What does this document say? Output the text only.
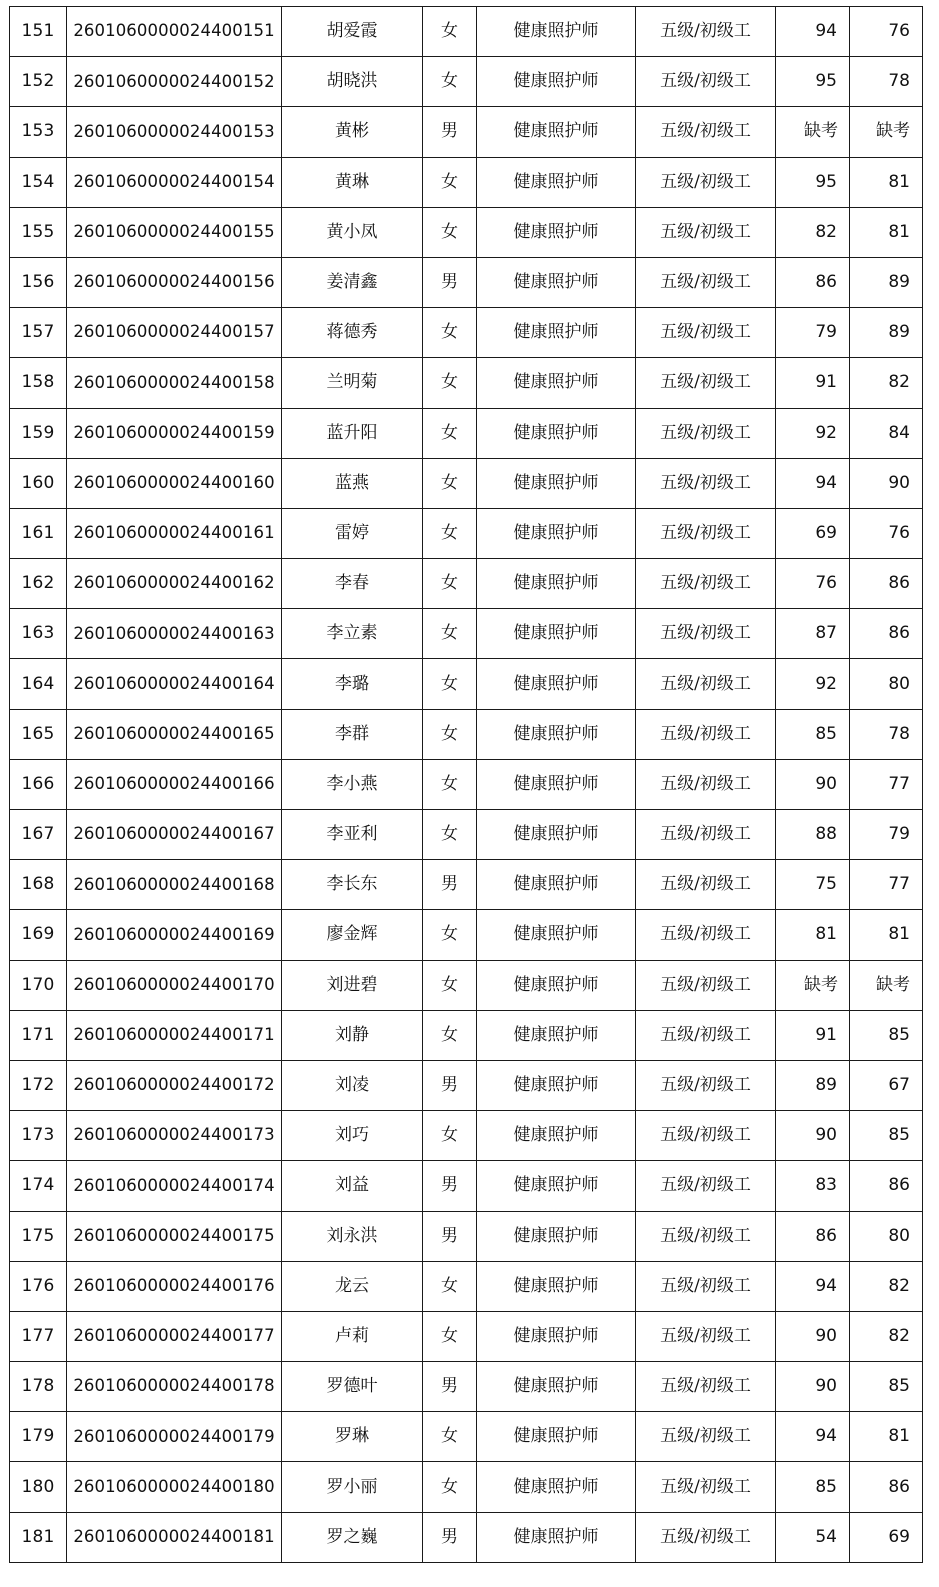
151	2601060000024400151	胡爱霞	女	健康照护师	五级/初级工	94	76
152	2601060000024400152	胡晓洪	女	健康照护师	五级/初级工	95	78
153	2601060000024400153	黄彬	男	健康照护师	五级/初级工	缺考	缺考
154	2601060000024400154	黄琳	女	健康照护师	五级/初级工	95	81
155	2601060000024400155	黄小凤	女	健康照护师	五级/初级工	82	81
156	2601060000024400156	姜清鑫	男	健康照护师	五级/初级工	86	89
157	2601060000024400157	蒋德秀	女	健康照护师	五级/初级工	79	89
158	2601060000024400158	兰明菊	女	健康照护师	五级/初级工	91	82
159	2601060000024400159	蓝升阳	女	健康照护师	五级/初级工	92	84
160	2601060000024400160	蓝燕	女	健康照护师	五级/初级工	94	90
161	2601060000024400161	雷婷	女	健康照护师	五级/初级工	69	76
162	2601060000024400162	李春	女	健康照护师	五级/初级工	76	86
163	2601060000024400163	李立素	女	健康照护师	五级/初级工	87	86
164	2601060000024400164	李璐	女	健康照护师	五级/初级工	92	80
165	2601060000024400165	李群	女	健康照护师	五级/初级工	85	78
166	2601060000024400166	李小燕	女	健康照护师	五级/初级工	90	77
167	2601060000024400167	李亚利	女	健康照护师	五级/初级工	88	79
168	2601060000024400168	李长东	男	健康照护师	五级/初级工	75	77
169	2601060000024400169	廖金辉	女	健康照护师	五级/初级工	81	81
170	2601060000024400170	刘进碧	女	健康照护师	五级/初级工	缺考	缺考
171	2601060000024400171	刘静	女	健康照护师	五级/初级工	91	85
172	2601060000024400172	刘凌	男	健康照护师	五级/初级工	89	67
173	2601060000024400173	刘巧	女	健康照护师	五级/初级工	90	85
174	2601060000024400174	刘益	男	健康照护师	五级/初级工	83	86
175	2601060000024400175	刘永洪	男	健康照护师	五级/初级工	86	80
176	2601060000024400176	龙云	女	健康照护师	五级/初级工	94	82
177	2601060000024400177	卢莉	女	健康照护师	五级/初级工	90	82
178	2601060000024400178	罗德叶	男	健康照护师	五级/初级工	90	85
179	2601060000024400179	罗琳	女	健康照护师	五级/初级工	94	81
180	2601060000024400180	罗小丽	女	健康照护师	五级/初级工	85	86
181	2601060000024400181	罗之巍	男	健康照护师	五级/初级工	54	69
